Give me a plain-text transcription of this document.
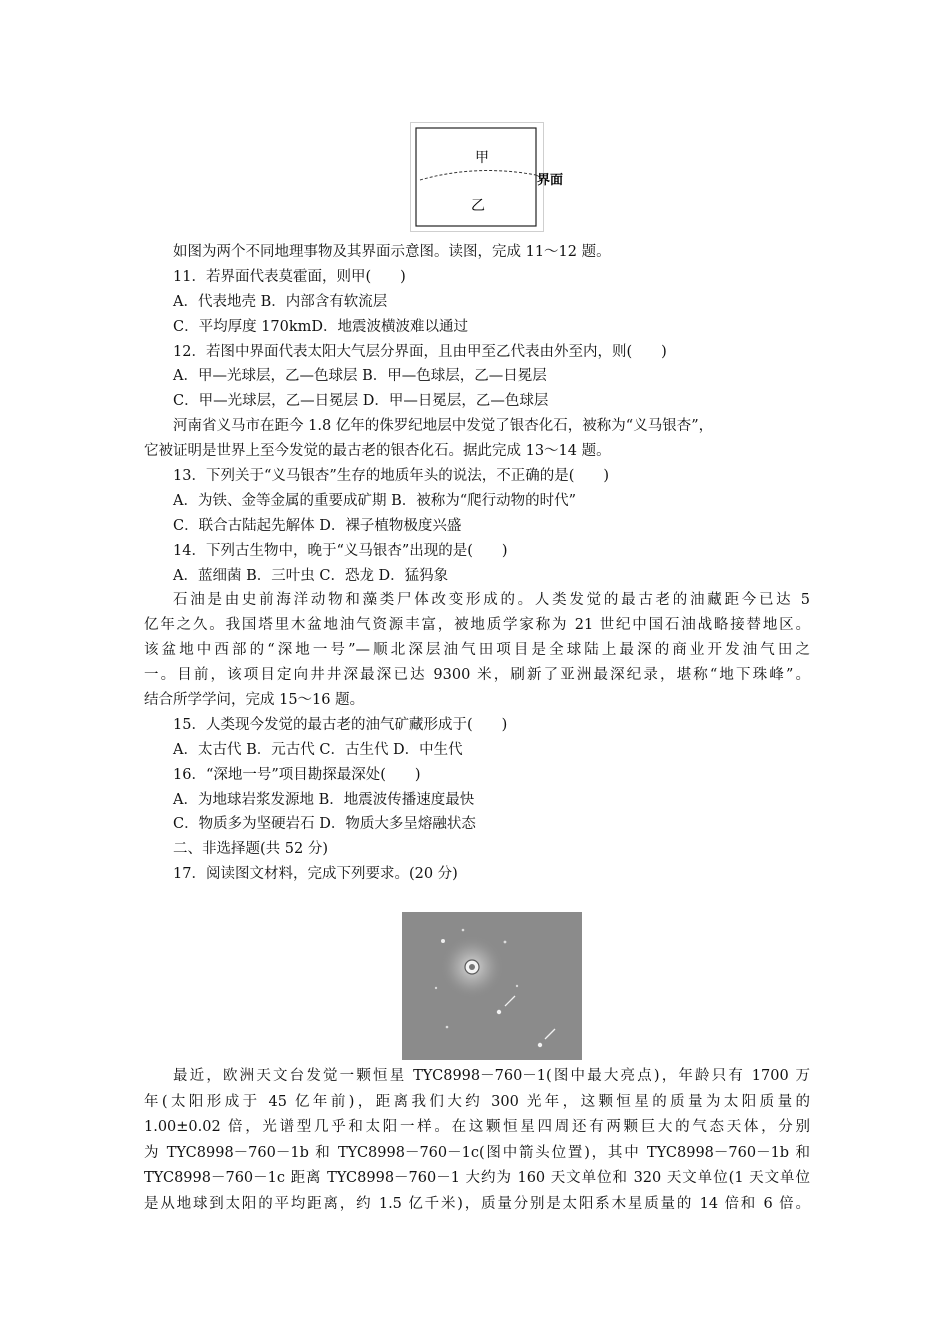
甲
乙
界面
如图为两个不同地理事物及其界面示意图。读图，完成 11～12 题。
11．若界面代表莫霍面，则甲(　　)
A．代表地壳 B．内部含有软流层
C．平均厚度 170kmD．地震波横波难以通过
12．若图中界面代表太阳大气层分界面，且由甲至乙代表由外至内，则(　　)
A．甲—光球层，乙—色球层 B．甲—色球层，乙—日冕层
C．甲—光球层，乙—日冕层 D．甲—日冕层，乙—色球层
河南省义马市在距今 1.8 亿年的侏罗纪地层中发觉了银杏化石，被称为“义马银杏”，
它被证明是世界上至今发觉的最古老的银杏化石。据此完成 13～14 题。
13．下列关于“义马银杏”生存的地质年头的说法，不正确的是(　　)
A．为铁、金等金属的重要成矿期 B．被称为“爬行动物的时代”
C．联合古陆起先解体 D．裸子植物极度兴盛
14．下列古生物中，晚于“义马银杏”出现的是(　　)
A．蓝细菌 B．三叶虫 C．恐龙 D．猛犸象
石油是由史前海洋动物和藻类尸体改变形成的。人类发觉的最古老的油藏距今已达 5
亿年之久。我国塔里木盆地油气资源丰富，被地质学家称为 21 世纪中国石油战略接替地区。
该盆地中西部的“深地一号”—顺北深层油气田项目是全球陆上最深的商业开发油气田之
一。目前，该项目定向井井深最深已达 9300 米，刷新了亚洲最深纪录，堪称“地下珠峰”。
结合所学学问，完成 15～16 题。
15．人类现今发觉的最古老的油气矿藏形成于(　　)
A．太古代 B．元古代 C．古生代 D．中生代
16．“深地一号”项目勘探最深处(　　)
A．为地球岩浆发源地 B．地震波传播速度最快
C．物质多为坚硬岩石 D．物质大多呈熔融状态
二、非选择题(共 52 分)
17．阅读图文材料，完成下列要求。(20 分)
最近，欧洲天文台发觉一颗恒星 TYC8998－760－1(图中最大亮点)，年龄只有 1700 万
年(太阳形成于 45 亿年前)，距离我们大约 300 光年，这颗恒星的质量为太阳质量的
1.00±0.02 倍，光谱型几乎和太阳一样。在这颗恒星四周还有两颗巨大的气态天体，分别
为 TYC8998－760－1b 和 TYC8998－760－1c(图中箭头位置)，其中 TYC8998－760－1b 和
TYC8998－760－1c 距离 TYC8998－760－1 大约为 160 天文单位和 320 天文单位(1 天文单位
是从地球到太阳的平均距离，约 1.5 亿千米)，质量分别是太阳系木星质量的 14 倍和 6 倍。
